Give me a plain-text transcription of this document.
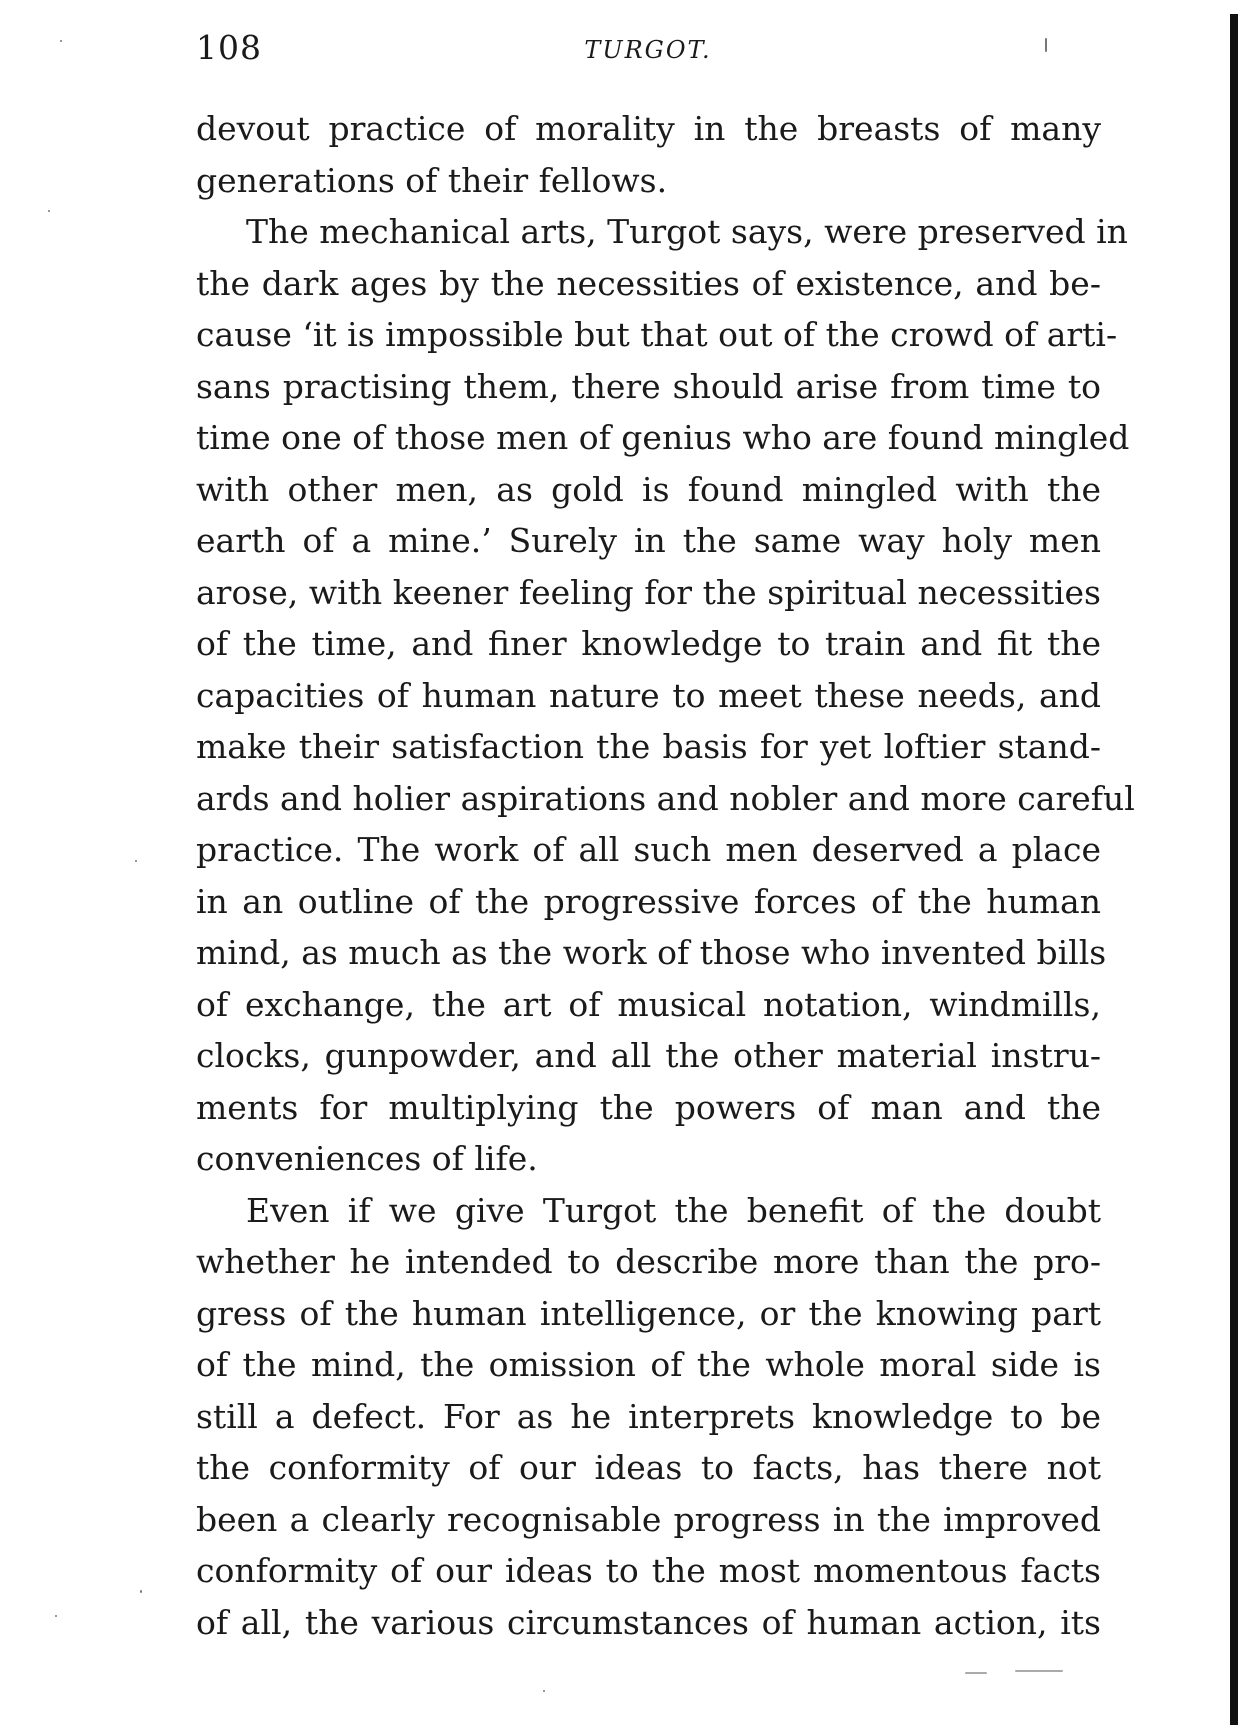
108	TURGOT.
devout practice of morality in the breasts of many
generations of their fellows.
The mechanical arts, Turgot says, were preserved in
the dark ages by the necessities of existence, and be-
cause ‘it is impossible but that out of the crowd of arti-
sans practising them, there should arise from time to
time one of those men of genius who are found mingled
with other men, as gold is found mingled with the
earth of a mine.’ Surely in the same way holy men
arose, with keener feeling for the spiritual necessities
of the time, and finer knowledge to train and fit the
capacities of human nature to meet these needs, and
make their satisfaction the basis for yet loftier stand-
ards and holier aspirations and nobler and more careful
practice. The work of all such men deserved a place
in an outline of the progressive forces of the human
mind, as much as the work of those who invented bills
of exchange, the art of musical notation, windmills,
clocks, gunpowder, and all the other material instru-
ments for multiplying the powers of man and the
conveniences of life.
Even if we give Turgot the benefit of the doubt
whether he intended to describe more than the pro-
gress of the human intelligence, or the knowing part
of the mind, the omission of the whole moral side is
still a defect. For as he interprets knowledge to be
the conformity of our ideas to facts, has there not
been a clearly recognisable progress in the improved
conformity of our ideas to the most momentous facts
of all, the various circumstances of human action, its
